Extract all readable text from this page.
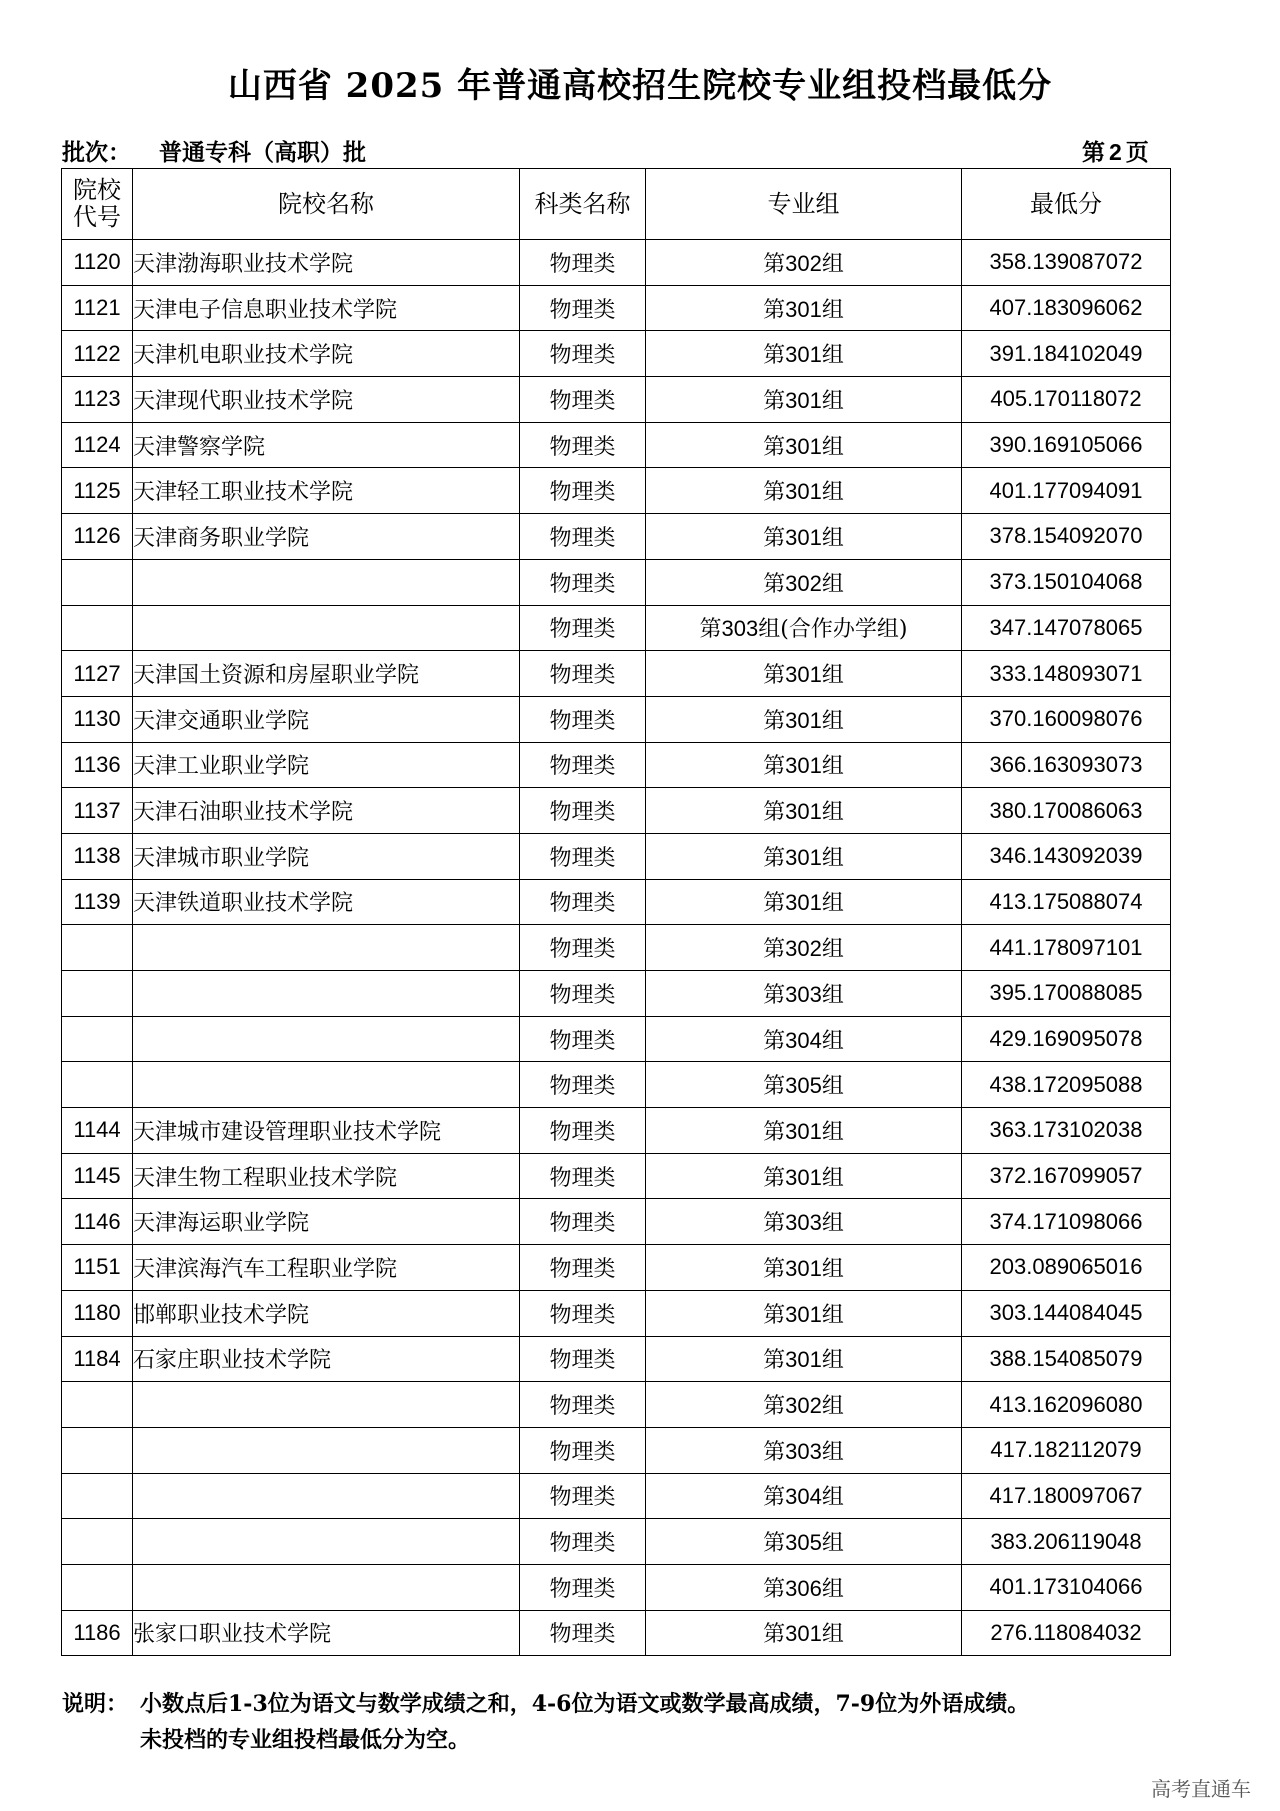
山西省 2025 年普通高校招生院校专业组投档最低分
批次： 普通专科（高职）批	第 2 页
院校代号	院校名称	科类名称	专业组	最低分
1120	天津渤海职业技术学院	物理类	第302组	358.139087072
1121	天津电子信息职业技术学院	物理类	第301组	407.183096062
1122	天津机电职业技术学院	物理类	第301组	391.184102049
1123	天津现代职业技术学院	物理类	第301组	405.170118072
1124	天津警察学院	物理类	第301组	390.169105066
1125	天津轻工职业技术学院	物理类	第301组	401.177094091
1126	天津商务职业学院	物理类	第301组	378.154092070
		物理类	第302组	373.150104068
		物理类	第303组(合作办学组)	347.147078065
1127	天津国土资源和房屋职业学院	物理类	第301组	333.148093071
1130	天津交通职业学院	物理类	第301组	370.160098076
1136	天津工业职业学院	物理类	第301组	366.163093073
1137	天津石油职业技术学院	物理类	第301组	380.170086063
1138	天津城市职业学院	物理类	第301组	346.143092039
1139	天津铁道职业技术学院	物理类	第301组	413.175088074
		物理类	第302组	441.178097101
		物理类	第303组	395.170088085
		物理类	第304组	429.169095078
		物理类	第305组	438.172095088
1144	天津城市建设管理职业技术学院	物理类	第301组	363.173102038
1145	天津生物工程职业技术学院	物理类	第301组	372.167099057
1146	天津海运职业学院	物理类	第303组	374.171098066
1151	天津滨海汽车工程职业学院	物理类	第301组	203.089065016
1180	邯郸职业技术学院	物理类	第301组	303.144084045
1184	石家庄职业技术学院	物理类	第301组	388.154085079
		物理类	第302组	413.162096080
		物理类	第303组	417.182112079
		物理类	第304组	417.180097067
		物理类	第305组	383.206119048
		物理类	第306组	401.173104066
1186	张家口职业技术学院	物理类	第301组	276.118084032
说明： 小数点后1-3位为语文与数学成绩之和，4-6位为语文或数学最高成绩，7-9位为外语成绩。
未投档的专业组投档最低分为空。
高考直通车
